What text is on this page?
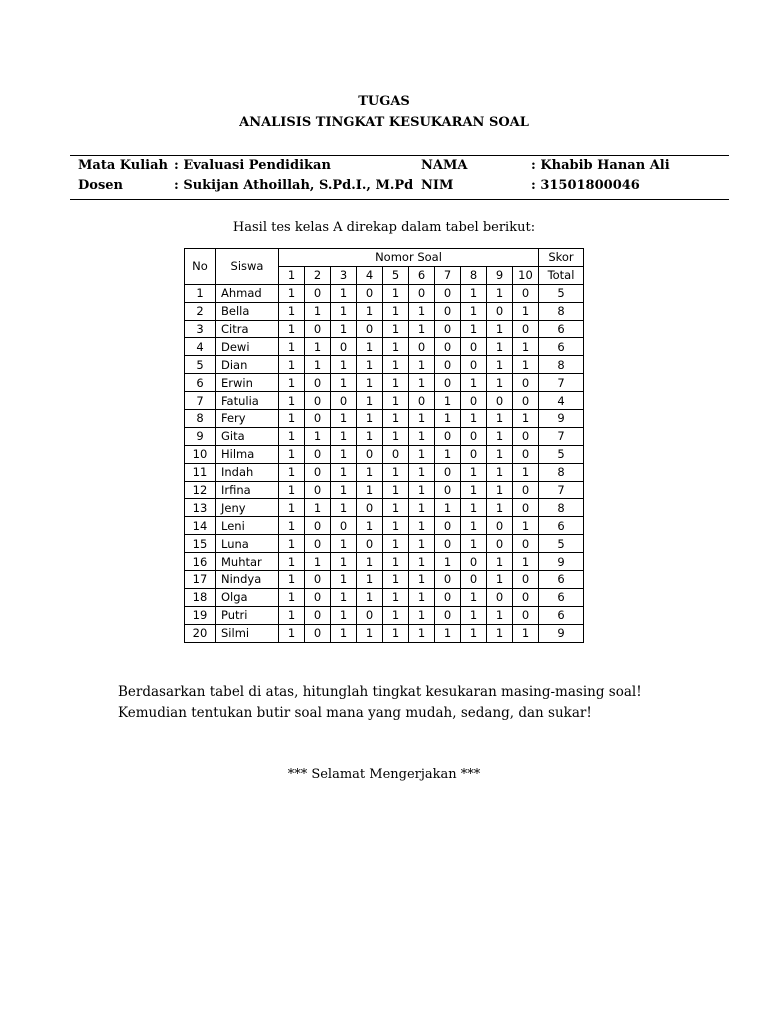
TUGAS
ANALISIS TINGKAT KESUKARAN SOAL
Mata Kuliah : Evaluasi Pendidikan	NAMA	: Khabib Hanan Ali
Dosen	: Sukijan Athoillah, S.Pd.I., M.Pd NIM	: 31501800046
Hasil tes kelas A direkap dalam tabel berikut:
No	Siswa	Nomor Soal										Skor
		1	2	3	4	5	6	7	8	9	10	Total
1	Ahmad	1	0	1	0	1	0	0	1	1	0	5
2	Bella	1	1	1	1	1	1	0	1	0	1	8
3	Citra	1	0	1	0	1	1	0	1	1	0	6
4	Dewi	1	1	0	1	1	0	0	0	1	1	6
5	Dian	1	1	1	1	1	1	0	0	1	1	8
6	Erwin	1	0	1	1	1	1	0	1	1	0	7
7	Fatulia	1	0	0	1	1	0	1	0	0	0	4
8	Fery	1	0	1	1	1	1	1	1	1	1	9
9	Gita	1	1	1	1	1	1	0	0	1	0	7
10	Hilma	1	0	1	0	0	1	1	0	1	0	5
11	Indah	1	0	1	1	1	1	0	1	1	1	8
12	Irfina	1	0	1	1	1	1	0	1	1	0	7
13	Jeny	1	1	1	0	1	1	1	1	1	0	8
14	Leni	1	0	0	1	1	1	0	1	0	1	6
15	Luna	1	0	1	0	1	1	0	1	0	0	5
16	Muhtar	1	1	1	1	1	1	1	0	1	1	9
17	Nindya	1	0	1	1	1	1	0	0	1	0	6
18	Olga	1	0	1	1	1	1	0	1	0	0	6
19	Putri	1	0	1	0	1	1	0	1	1	0	6
20	Silmi	1	0	1	1	1	1	1	1	1	1	9
Berdasarkan tabel di atas, hitunglah tingkat kesukaran masing-masing soal! Kemudian tentukan butir soal mana yang mudah, sedang, dan sukar!
*** Selamat Mengerjakan ***
